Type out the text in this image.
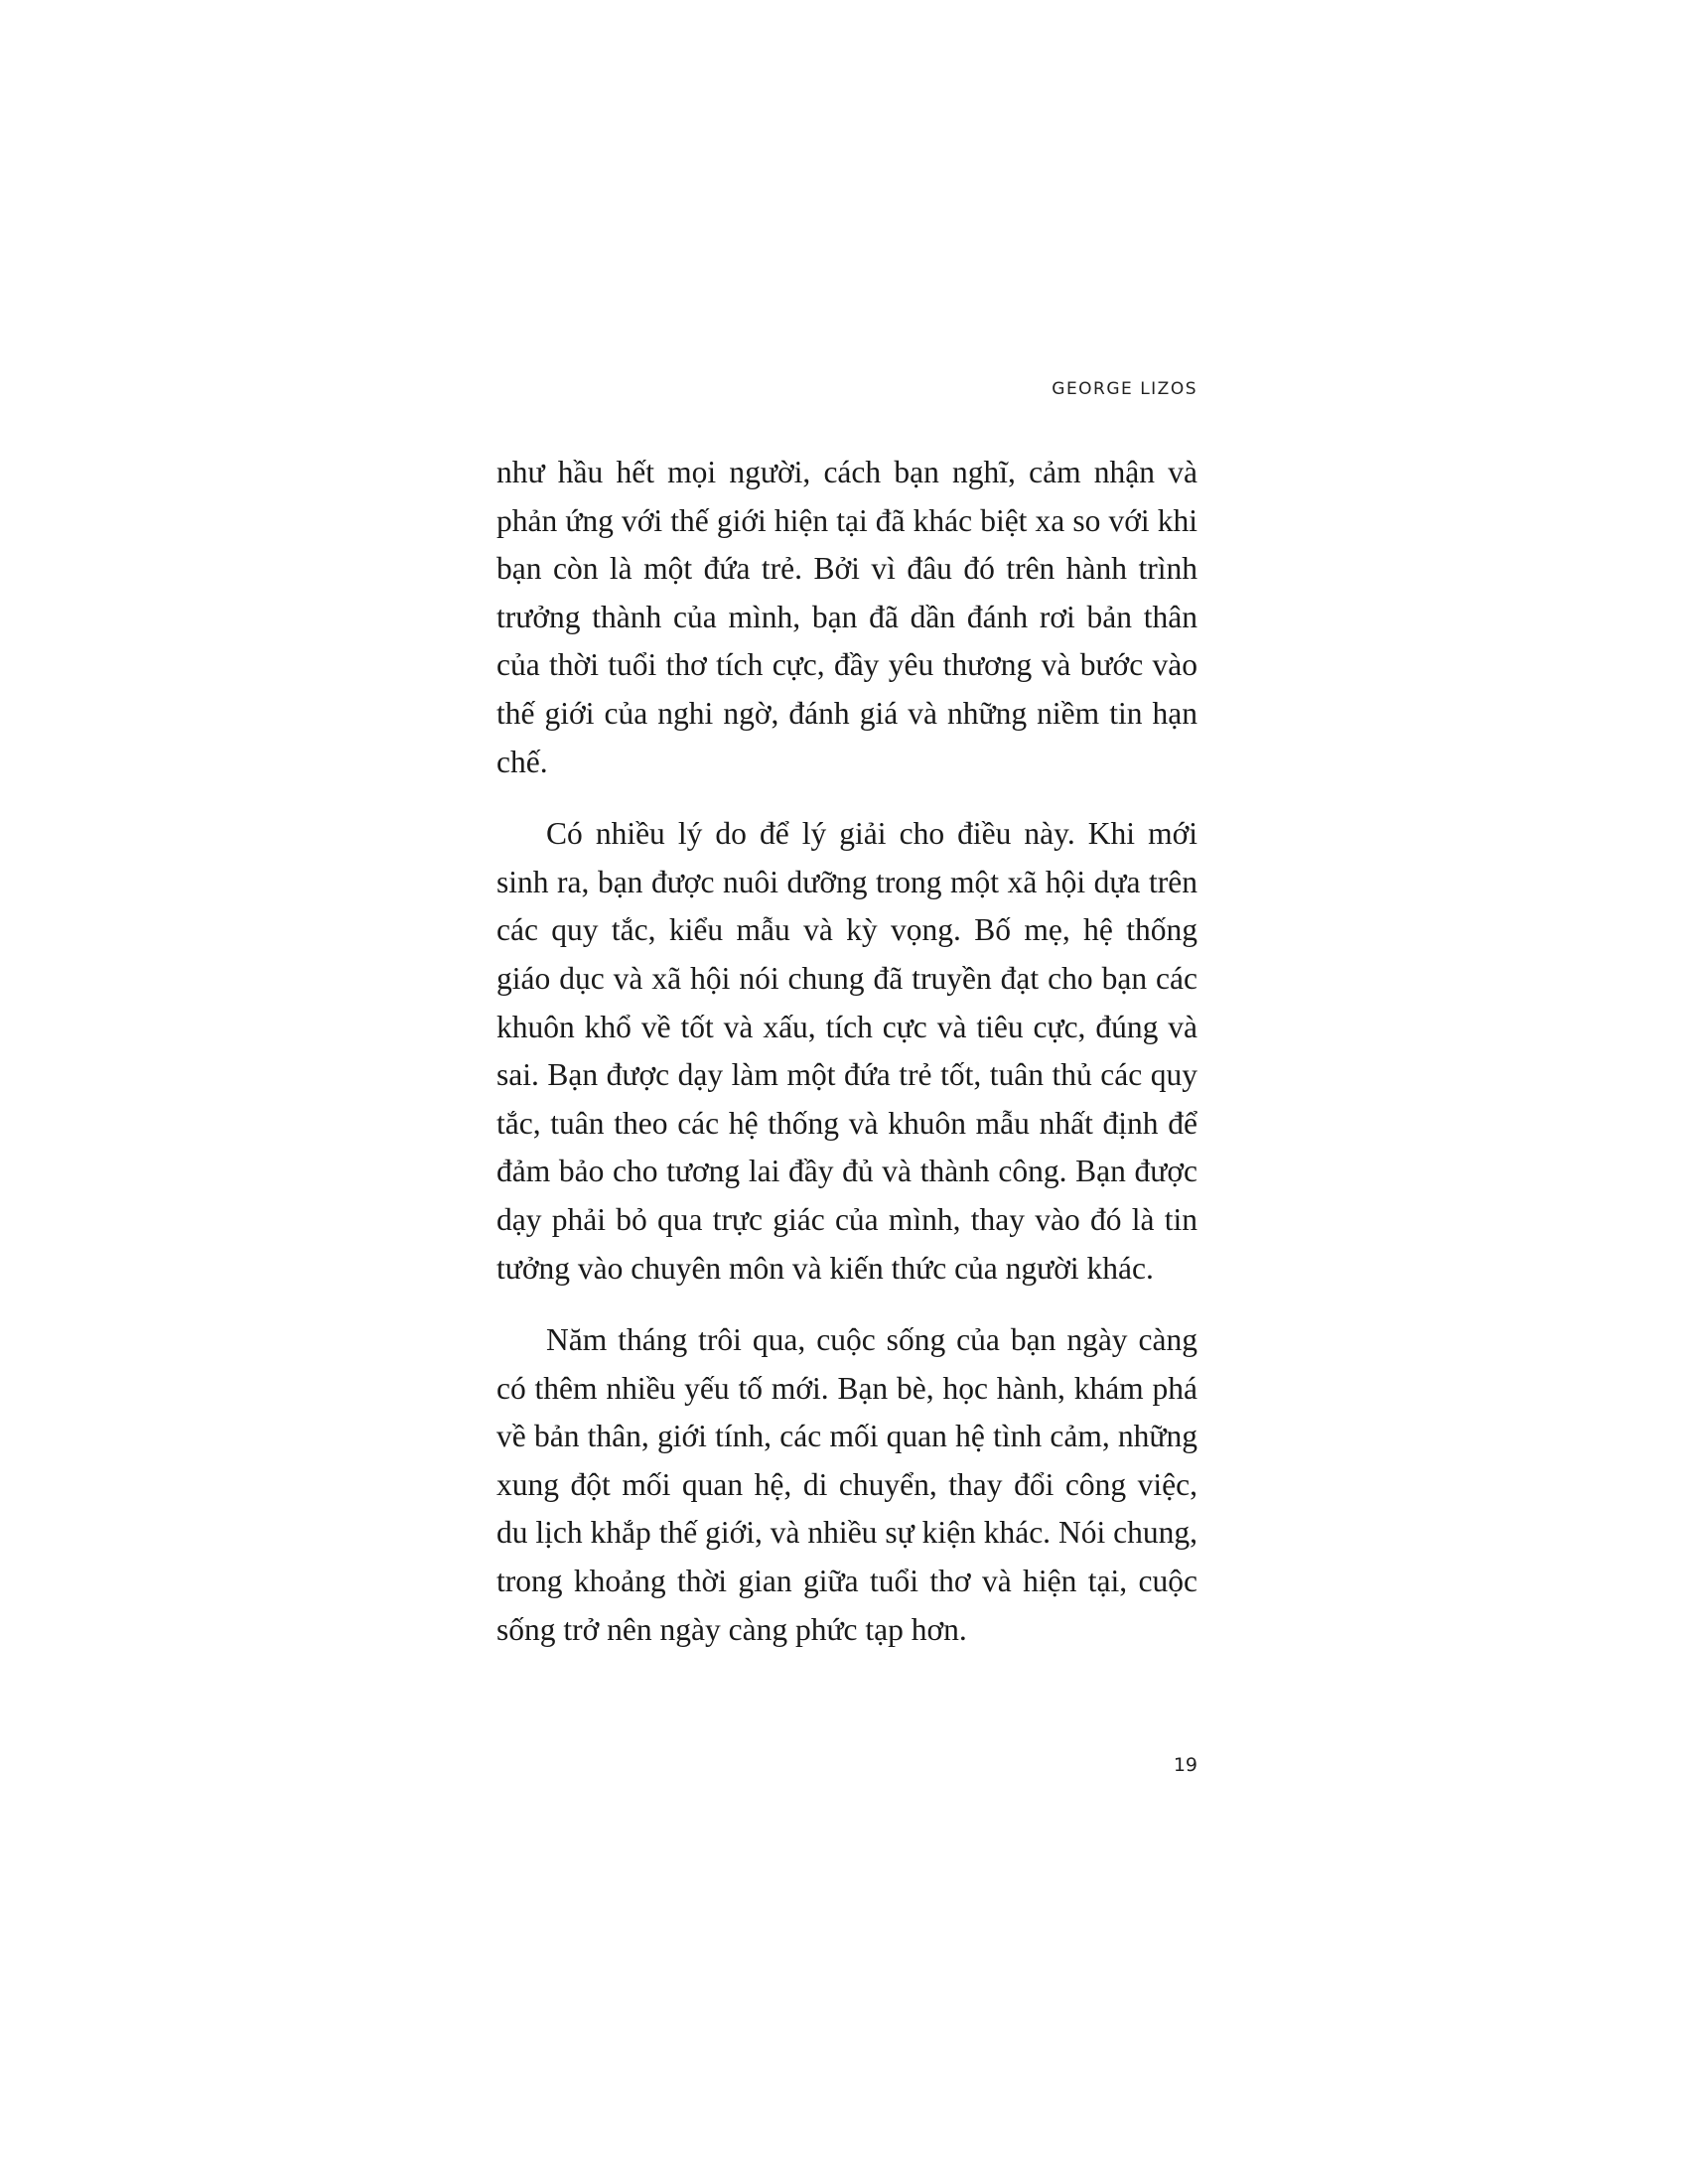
GEORGE LIZOS

như hầu hết mọi người, cách bạn nghĩ, cảm nhận và phản ứng với thế giới hiện tại đã khác biệt xa so với khi bạn còn là một đứa trẻ. Bởi vì đâu đó trên hành trình trưởng thành của mình, bạn đã dần đánh rơi bản thân của thời tuổi thơ tích cực, đầy yêu thương và bước vào thế giới của nghi ngờ, đánh giá và những niềm tin hạn chế.

Có nhiều lý do để lý giải cho điều này. Khi mới sinh ra, bạn được nuôi dưỡng trong một xã hội dựa trên các quy tắc, kiểu mẫu và kỳ vọng. Bố mẹ, hệ thống giáo dục và xã hội nói chung đã truyền đạt cho bạn các khuôn khổ về tốt và xấu, tích cực và tiêu cực, đúng và sai. Bạn được dạy làm một đứa trẻ tốt, tuân thủ các quy tắc, tuân theo các hệ thống và khuôn mẫu nhất định để đảm bảo cho tương lai đầy đủ và thành công. Bạn được dạy phải bỏ qua trực giác của mình, thay vào đó là tin tưởng vào chuyên môn và kiến thức của người khác.

Năm tháng trôi qua, cuộc sống của bạn ngày càng có thêm nhiều yếu tố mới. Bạn bè, học hành, khám phá về bản thân, giới tính, các mối quan hệ tình cảm, những xung đột mối quan hệ, di chuyển, thay đổi công việc, du lịch khắp thế giới, và nhiều sự kiện khác. Nói chung, trong khoảng thời gian giữa tuổi thơ và hiện tại, cuộc sống trở nên ngày càng phức tạp hơn.

19
